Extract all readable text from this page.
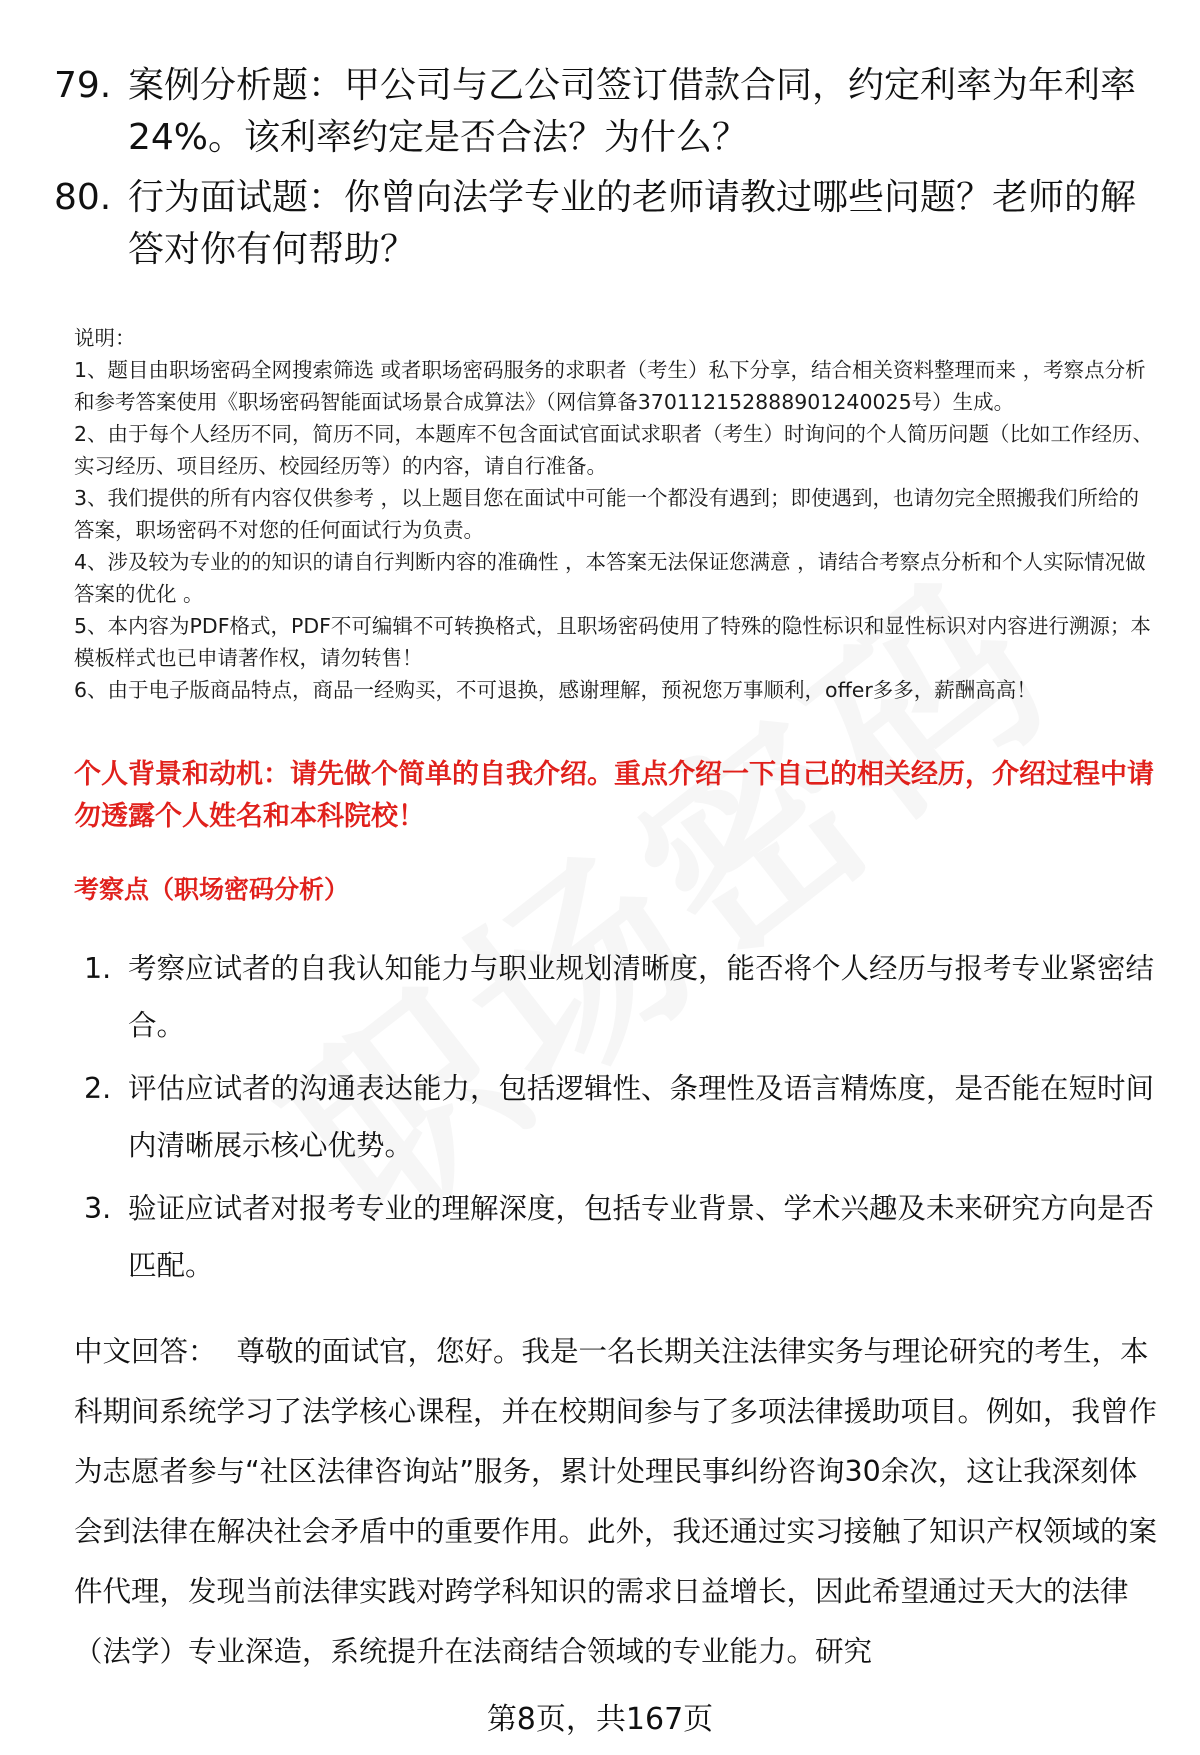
79. 案例分析题：甲公司与乙公司签订借款合同，约定利率为年利率24%。该利率约定是否合法？为什么？
80. 行为面试题：你曾向法学专业的老师请教过哪些问题？老师的解答对你有何帮助？

说明：

1、题目由职场密码全网搜索筛选 或者职场密码服务的求职者（考生）私下分享，结合相关资料整理而来 ，考察点分析和参考答案使用《职场密码智能面试场景合成算法》（网信算备370112152888901240025号）生成。

2、由于每个人经历不同，简历不同，本题库不包含面试官面试求职者（考生）时询问的个人简历问题（比如工作经历、实习经历、项目经历、校园经历等）的内容，请自行准备。

3、我们提供的所有内容仅供参考 ，以上题目您在面试中可能一个都没有遇到；即使遇到，也请勿完全照搬我们所给的答案，职场密码不对您的任何面试行为负责。

4、涉及较为专业的的知识的请自行判断内容的准确性 ，本答案无法保证您满意 ，请结合考察点分析和个人实际情况做答案的优化 。

5、本内容为PDF格式，PDF不可编辑不可转换格式，且职场密码使用了特殊的隐性标识和显性标识对内容进行溯源；本模板样式也已申请著作权，请勿转售！

6、由于电子版商品特点，商品一经购买，不可退换，感谢理解，预祝您万事顺利，offer多多，薪酬高高！

个人背景和动机：请先做个简单的自我介绍。重点介绍一下自己的相关经历，介绍过程中请勿透露个人姓名和本科院校！
考察点（职场密码分析）
1. 考察应试者的自我认知能力与职业规划清晰度，能否将个人经历与报考专业紧密结合。
2. 评估应试者的沟通表达能力，包括逻辑性、条理性及语言精炼度，是否能在短时间内清晰展示核心优势。
3. 验证应试者对报考专业的理解深度，包括专业背景、学术兴趣及未来研究方向是否匹配。
中文回答： 尊敬的面试官，您好。我是一名长期关注法律实务与理论研究的考生，本科期间系统学习了法学核心课程，并在校期间参与了多项法律援助项目。例如，我曾作为志愿者参与“社区法律咨询站”服务，累计处理民事纠纷咨询30余次，这让我深刻体会到法律在解决社会矛盾中的重要作用。此外，我还通过实习接触了知识产权领域的案件代理，发现当前法律实践对跨学科知识的需求日益增长，因此希望通过天大的法律（法学）专业深造，系统提升在法商结合领域的专业能力。研究
第8页，共167页
